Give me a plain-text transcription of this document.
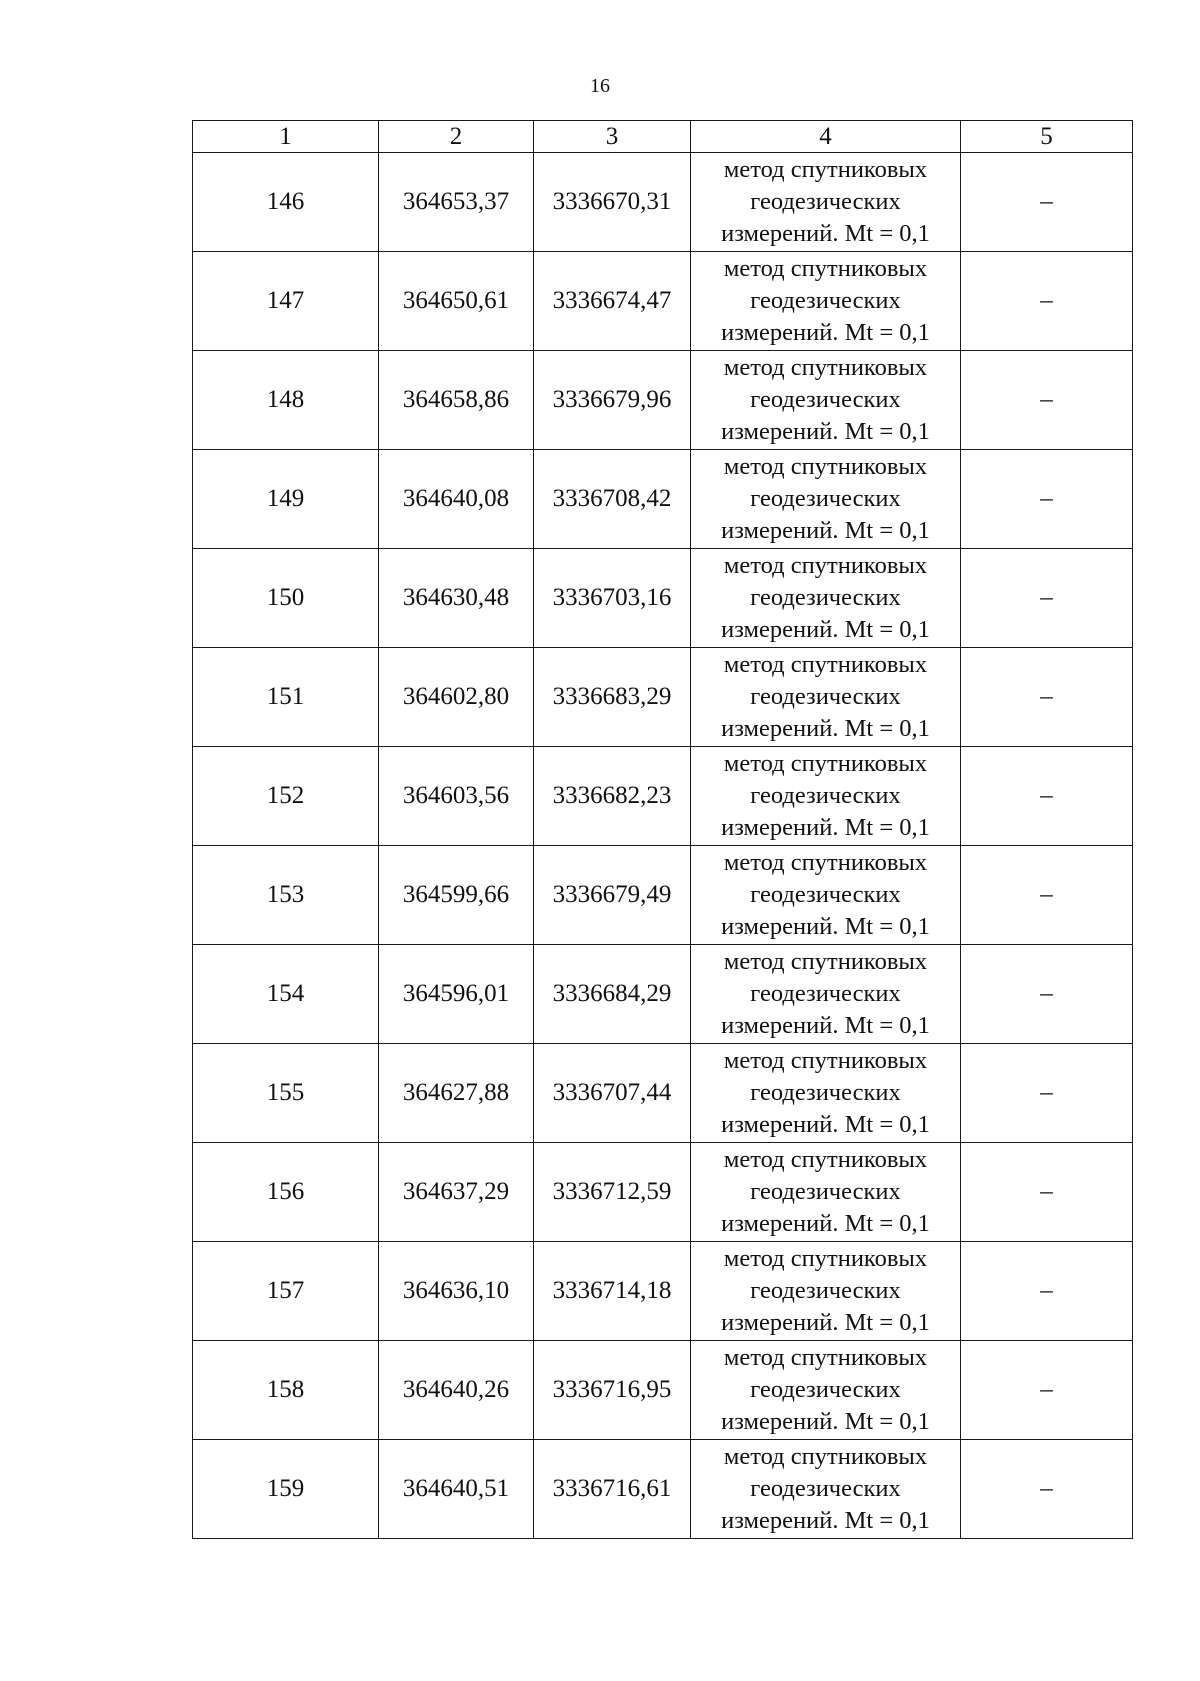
16
1	2	3	4	5
146	364653,37	3336670,31	метод спутниковых геодезических измерений. Mt = 0,1	–
147	364650,61	3336674,47	метод спутниковых геодезических измерений. Mt = 0,1	–
148	364658,86	3336679,96	метод спутниковых геодезических измерений. Mt = 0,1	–
149	364640,08	3336708,42	метод спутниковых геодезических измерений. Mt = 0,1	–
150	364630,48	3336703,16	метод спутниковых геодезических измерений. Mt = 0,1	–
151	364602,80	3336683,29	метод спутниковых геодезических измерений. Mt = 0,1	–
152	364603,56	3336682,23	метод спутниковых геодезических измерений. Mt = 0,1	–
153	364599,66	3336679,49	метод спутниковых геодезических измерений. Mt = 0,1	–
154	364596,01	3336684,29	метод спутниковых геодезических измерений. Mt = 0,1	–
155	364627,88	3336707,44	метод спутниковых геодезических измерений. Mt = 0,1	–
156	364637,29	3336712,59	метод спутниковых геодезических измерений. Mt = 0,1	–
157	364636,10	3336714,18	метод спутниковых геодезических измерений. Mt = 0,1	–
158	364640,26	3336716,95	метод спутниковых геодезических измерений. Mt = 0,1	–
159	364640,51	3336716,61	метод спутниковых геодезических измерений. Mt = 0,1	–
